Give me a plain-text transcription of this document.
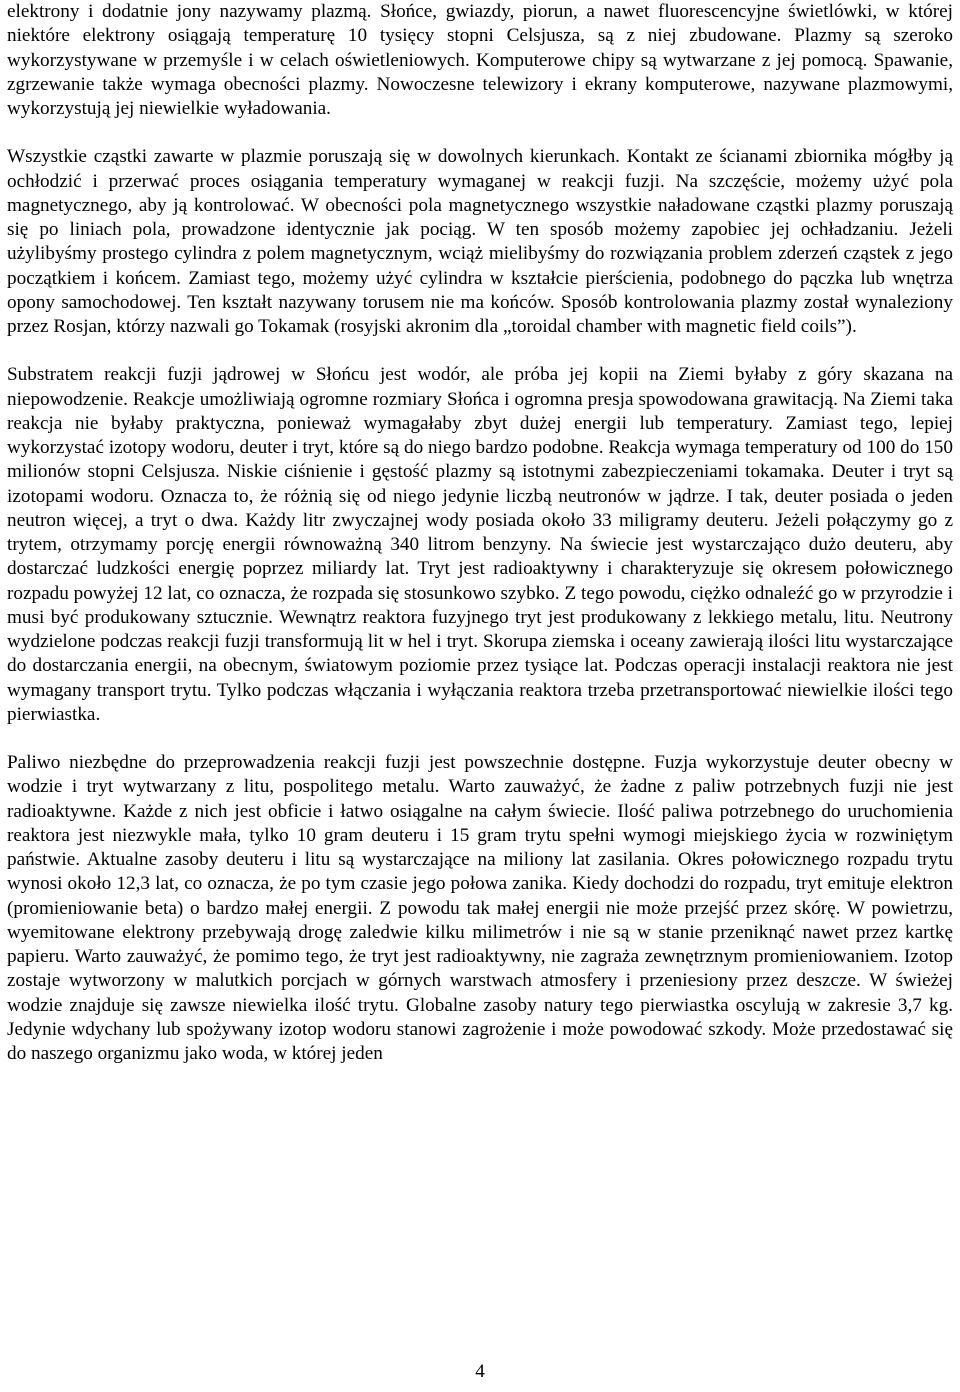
elektrony i dodatnie jony nazywamy plazmą. Słońce, gwiazdy, piorun, a nawet fluorescencyjne świetlówki, w której niektóre elektrony osiągają temperaturę 10 tysięcy stopni Celsjusza, są z niej zbudowane. Plazmy są szeroko wykorzystywane w przemyśle i w celach oświetleniowych. Komputerowe chipy są wytwarzane z jej pomocą. Spawanie, zgrzewanie także wymaga obecności plazmy. Nowoczesne telewizory i ekrany komputerowe, nazywane plazmowymi, wykorzystują jej niewielkie wyładowania.

Wszystkie cząstki zawarte w plazmie poruszają się w dowolnych kierunkach. Kontakt ze ścianami zbiornika mógłby ją ochłodzić i przerwać proces osiągania temperatury wymaganej w reakcji fuzji. Na szczęście, możemy użyć pola magnetycznego, aby ją kontrolować. W obecności pola magnetycznego wszystkie naładowane cząstki plazmy poruszają się po liniach pola, prowadzone identycznie jak pociąg. W ten sposób możemy zapobiec jej ochładzaniu. Jeżeli użylibyśmy prostego cylindra z polem magnetycznym, wciąż mielibyśmy do rozwiązania problem zderzeń cząstek z jego początkiem i końcem. Zamiast tego, możemy użyć cylindra w kształcie pierścienia, podobnego do pączka lub wnętrza opony samochodowej. Ten kształt nazywany torusem nie ma końców. Sposób kontrolowania plazmy został wynaleziony przez Rosjan, którzy nazwali go Tokamak (rosyjski akronim dla „toroidal chamber with magnetic field coils”).

Substratem reakcji fuzji jądrowej w Słońcu jest wodór, ale próba jej kopii na Ziemi byłaby z góry skazana na niepowodzenie. Reakcje umożliwiają ogromne rozmiary Słońca i ogromna presja spowodowana grawitacją. Na Ziemi taka reakcja nie byłaby praktyczna, ponieważ wymagałaby zbyt dużej energii lub temperatury. Zamiast tego, lepiej wykorzystać izotopy wodoru, deuter i tryt, które są do niego bardzo podobne. Reakcja wymaga temperatury od 100 do 150 milionów stopni Celsjusza. Niskie ciśnienie i gęstość plazmy są istotnymi zabezpieczeniami tokamaka. Deuter i tryt są izotopami wodoru. Oznacza to, że różnią się od niego jedynie liczbą neutronów w jądrze. I tak, deuter posiada o jeden neutron więcej, a tryt o dwa. Każdy litr zwyczajnej wody posiada około 33 miligramy deuteru. Jeżeli połączymy go z trytem, otrzymamy porcję energii równoważną 340 litrom benzyny. Na świecie jest wystarczająco dużo deuteru, aby dostarczać ludzkości energię poprzez miliardy lat. Tryt jest radioaktywny i charakteryzuje się okresem połowicznego rozpadu powyżej 12 lat, co oznacza, że rozpada się stosunkowo szybko. Z tego powodu, ciężko odnaleźć go w przyrodzie i musi być produkowany sztucznie. Wewnątrz reaktora fuzyjnego tryt jest produkowany z lekkiego metalu, litu. Neutrony wydzielone podczas reakcji fuzji transformują lit w hel i tryt. Skorupa ziemska i oceany zawierają ilości litu wystarczające do dostarczania energii, na obecnym, światowym poziomie przez tysiące lat. Podczas operacji instalacji reaktora nie jest wymagany transport trytu. Tylko podczas włączania i wyłączania reaktora trzeba przetransportować niewielkie ilości tego pierwiastka.

Paliwo niezbędne do przeprowadzenia reakcji fuzji jest powszechnie dostępne. Fuzja wykorzystuje deuter obecny w wodzie i tryt wytwarzany z litu, pospolitego metalu. Warto zauważyć, że żadne z paliw potrzebnych fuzji nie jest radioaktywne. Każde z nich jest obficie i łatwo osiągalne na całym świecie. Ilość paliwa potrzebnego do uruchomienia reaktora jest niezwykle mała, tylko 10 gram deuteru i 15 gram trytu spełni wymogi miejskiego życia w rozwiniętym państwie. Aktualne zasoby deuteru i litu są wystarczające na miliony lat zasilania. Okres połowicznego rozpadu trytu wynosi około 12,3 lat, co oznacza, że po tym czasie jego połowa zanika. Kiedy dochodzi do rozpadu, tryt emituje elektron (promieniowanie beta) o bardzo małej energii. Z powodu tak małej energii nie może przejść przez skórę. W powietrzu, wyemitowane elektrony przebywają drogę zaledwie kilku milimetrów i nie są w stanie przeniknąć nawet przez kartkę papieru. Warto zauważyć, że pomimo tego, że tryt jest radioaktywny, nie zagraża zewnętrznym promieniowaniem. Izotop zostaje wytworzony w malutkich porcjach w górnych warstwach atmosfery i przeniesiony przez deszcze. W świeżej wodzie znajduje się zawsze niewielka ilość trytu. Globalne zasoby natury tego pierwiastka oscylują w zakresie 3,7 kg. Jedynie wdychany lub spożywany izotop wodoru stanowi zagrożenie i może powodować szkody. Może przedostawać się do naszego organizmu jako woda, w której jeden

4
